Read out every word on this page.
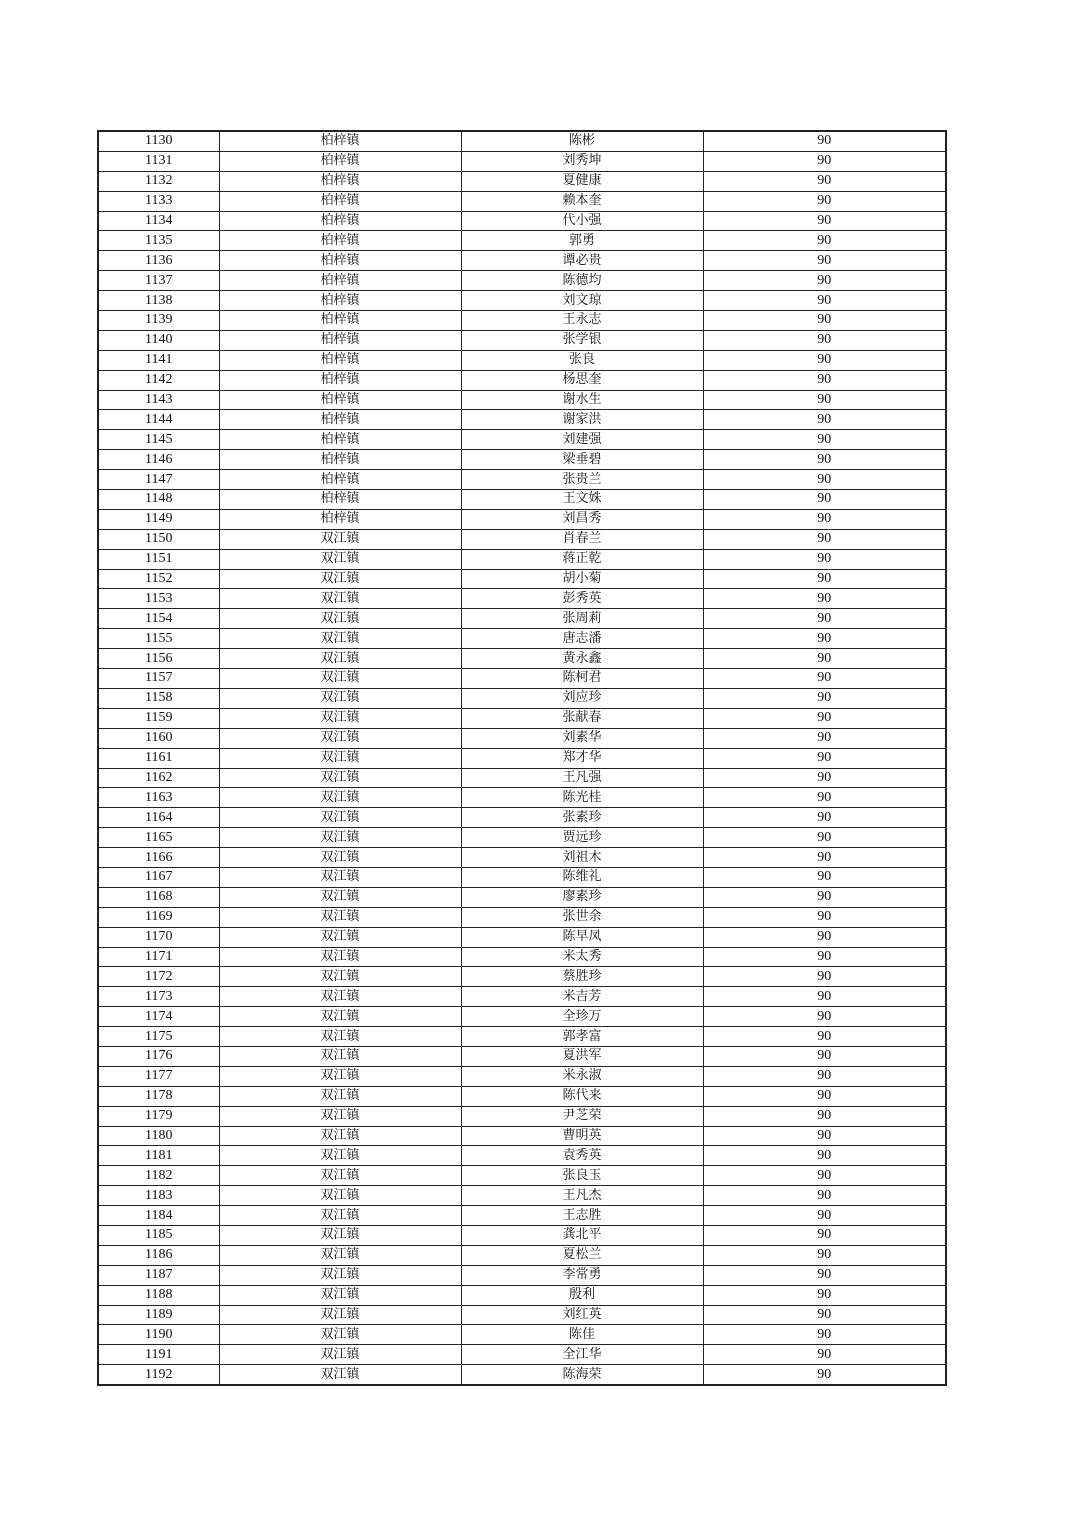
1130	柏梓镇	陈彬	90
1131	柏梓镇	刘秀坤	90
1132	柏梓镇	夏健康	90
1133	柏梓镇	赖本奎	90
1134	柏梓镇	代小强	90
1135	柏梓镇	郭勇	90
1136	柏梓镇	谭必贵	90
1137	柏梓镇	陈德均	90
1138	柏梓镇	刘文琼	90
1139	柏梓镇	王永志	90
1140	柏梓镇	张学银	90
1141	柏梓镇	张良	90
1142	柏梓镇	杨思奎	90
1143	柏梓镇	谢水生	90
1144	柏梓镇	谢家洪	90
1145	柏梓镇	刘建强	90
1146	柏梓镇	梁垂碧	90
1147	柏梓镇	张贵兰	90
1148	柏梓镇	王文姝	90
1149	柏梓镇	刘昌秀	90
1150	双江镇	肖春兰	90
1151	双江镇	蒋正乾	90
1152	双江镇	胡小菊	90
1153	双江镇	彭秀英	90
1154	双江镇	张周莉	90
1155	双江镇	唐志潘	90
1156	双江镇	黄永鑫	90
1157	双江镇	陈柯君	90
1158	双江镇	刘应珍	90
1159	双江镇	张献春	90
1160	双江镇	刘素华	90
1161	双江镇	郑才华	90
1162	双江镇	王凡强	90
1163	双江镇	陈光桂	90
1164	双江镇	张素珍	90
1165	双江镇	贾远珍	90
1166	双江镇	刘祖木	90
1167	双江镇	陈维礼	90
1168	双江镇	廖素珍	90
1169	双江镇	张世余	90
1170	双江镇	陈早凤	90
1171	双江镇	米太秀	90
1172	双江镇	蔡胜珍	90
1173	双江镇	米吉芳	90
1174	双江镇	全珍万	90
1175	双江镇	郭孝富	90
1176	双江镇	夏洪军	90
1177	双江镇	米永淑	90
1178	双江镇	陈代来	90
1179	双江镇	尹芝荣	90
1180	双江镇	曹明英	90
1181	双江镇	袁秀英	90
1182	双江镇	张良玉	90
1183	双江镇	王凡杰	90
1184	双江镇	王志胜	90
1185	双江镇	龚北平	90
1186	双江镇	夏松兰	90
1187	双江镇	李常勇	90
1188	双江镇	殷利	90
1189	双江镇	刘红英	90
1190	双江镇	陈佳	90
1191	双江镇	全江华	90
1192	双江镇	陈海荣	90
